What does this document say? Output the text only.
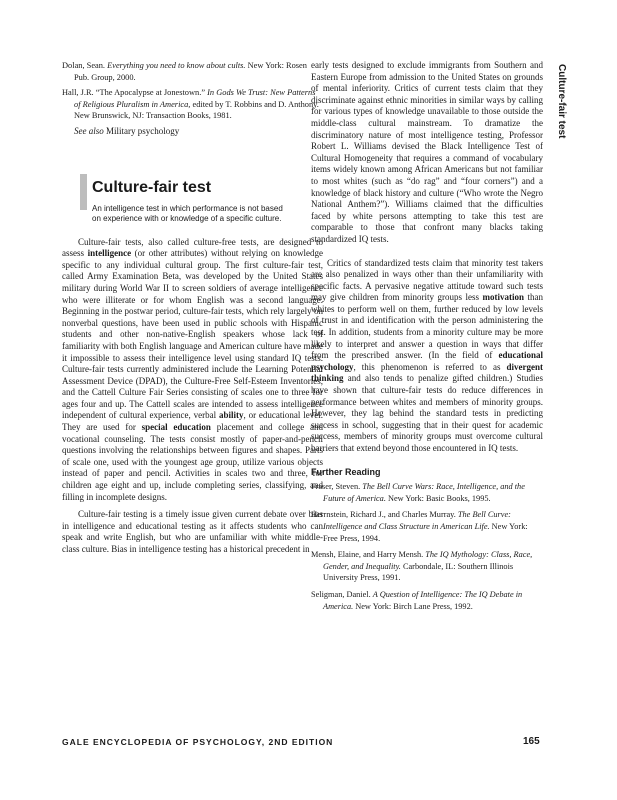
Culture-fair test

Dolan, Sean. Everything you need to know about cults. New York: Rosen Pub. Group, 2000.

Hall, J.R. “The Apocalypse at Jonestown.” In Gods We Trust: New Patterns of Religious Pluralism in America, edited by T. Robbins and D. Anthony. New Brunswick, NJ: Transaction Books, 1981.

See also Military psychology

Culture-fair test
An intelligence test in which performance is not based on experience with or knowledge of a specific culture.

Culture-fair tests, also called culture-free tests, are designed to assess intelligence (or other attributes) without relying on knowledge specific to any individual cultural group. The first culture-fair test, called Army Examination Beta, was developed by the United States military during World War II to screen soldiers of average intelligence who were illiterate or for whom English was a second language. Beginning in the postwar period, culture-fair tests, which rely largely on nonverbal questions, have been used in public schools with Hispanic students and other non-native-English speakers whose lack of familiarity with both English language and American culture have made it impossible to assess their intelligence level using standard IQ tests. Culture-fair tests currently administered include the Learning Potential Assessment Device (DPAD), the Culture-Free Self-Esteem Inventories, and the Cattell Culture Fair Series consisting of scales one to three for ages four and up. The Cattell scales are intended to assess intelligence independent of cultural experience, verbal ability, or educational level. They are used for special education placement and college and vocational counseling. The tests consist mostly of paper-and-pencil questions involving the relationships between figures and shapes. Parts of scale one, used with the youngest age group, utilize various objects instead of paper and pencil. Activities in scales two and three, for children age eight and up, include completing series, classifying, and filling in incomplete designs.

Culture-fair testing is a timely issue given current debate over bias in intelligence and educational testing as it affects students who can speak and write English, but who are unfamiliar with white middle-class culture. Bias in intelligence testing has a historical precedent in

early tests designed to exclude immigrants from Southern and Eastern Europe from admission to the United States on grounds of mental inferiority. Critics of current tests claim that they discriminate against ethnic minorities in similar ways by calling for various types of knowledge unavailable to those outside the middle-class cultural mainstream. To dramatize the discriminatory nature of most intelligence testing, Professor Robert L. Williams devised the Black Intelligence Test of Cultural Homogeneity that requires a command of vocabulary items widely known among African Americans but not familiar to most whites (such as “do rag” and “four corners”) and a knowledge of black history and culture (“Who wrote the Negro National Anthem?”). Williams claimed that the difficulties faced by white persons attempting to take this test are comparable to those that confront many blacks taking standardized IQ tests.

Critics of standardized tests claim that minority test takers are also penalized in ways other than their unfamiliarity with specific facts. A pervasive negative attitude toward such tests may give children from minority groups less motivation than whites to perform well on them, further reduced by low levels of trust in and identification with the person administering the test. In addition, students from a minority culture may be more likely to interpret and answer a question in ways that differ from the prescribed answer. (In the field of educational psychology, this phenomenon is referred to as divergent thinking and also tends to penalize gifted children.) Studies have shown that culture-fair tests do reduce differences in performance between whites and members of minority groups. However, they lag behind the standard tests in predicting success in school, suggesting that in their quest for academic success, members of minority groups must overcome cultural barriers that extend beyond those encountered in IQ tests.

Further Reading

Fraser, Steven. The Bell Curve Wars: Race, Intelligence, and the Future of America. New York: Basic Books, 1995.

Herrnstein, Richard J., and Charles Murray. The Bell Curve: Intelligence and Class Structure in American Life. New York: Free Press, 1994.

Mensh, Elaine, and Harry Mensh. The IQ Mythology: Class, Race, Gender, and Inequality. Carbondale, IL: Southern Illinois University Press, 1991.

Seligman, Daniel. A Question of Intelligence: The IQ Debate in America. New York: Birch Lane Press, 1992.

GALE ENCYCLOPEDIA OF PSYCHOLOGY, 2ND EDITION	165
